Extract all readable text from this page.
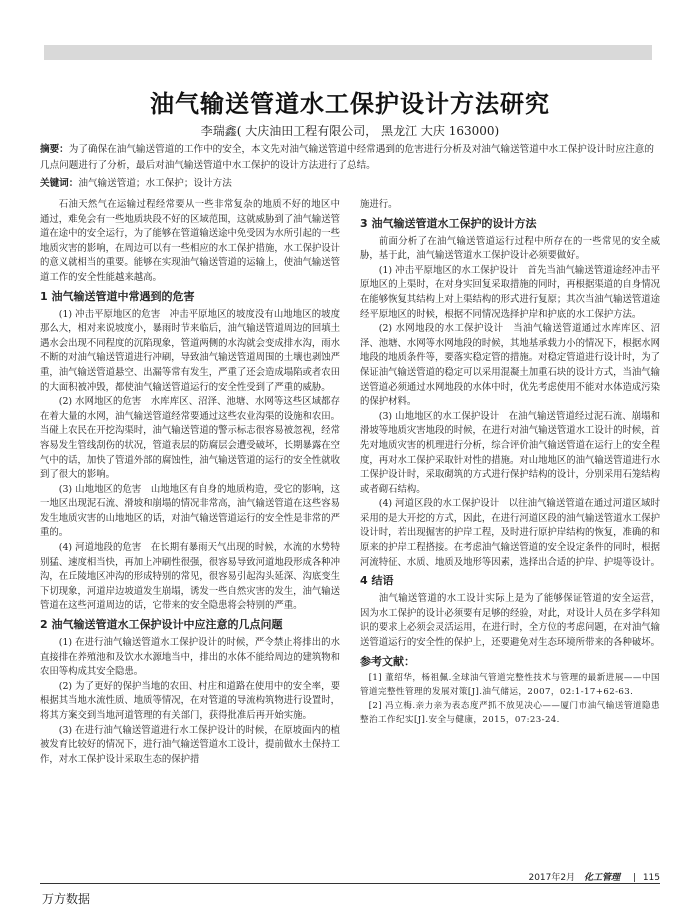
油气输送管道水工保护设计方法研究
李瑞鑫( 大庆油田工程有限公司， 黑龙江 大庆 163000)
摘要：为了确保在油气输送管道的工作中的安全，本文先对油气输送管道中经常遇到的危害进行分析及对油气输送管道中水工保护设计时应注意的几点问题进行了分析，最后对油气输送管道中水工保护的设计方法进行了总结。
关键词：油气输送管道；水工保护；设计方法

石油天然气在运输过程经常要从一些非常复杂的地质不好的地区中通过，难免会有一些地质块段不好的区域范围，这就威胁到了油气输送管道在途中的安全运行，为了能够在管道输送途中免受因为水所引起的一些地质灾害的影响，在周边可以有一些相应的水工保护措施，水工保护设计的意义就相当的重要。能够在实现油气输送管道的运输上，使油气输送管道工作的安全性能越来越高。

1 油气输送管道中常遇到的危害

(1) 冲击平原地区的危害　冲击平原地区的坡度没有山地地区的坡度那么大，相对来说坡度小，暴雨时节来临后，油气输送管道周边的回填土遇水会出现不同程度的沉陷现象，管道两侧的水沟就会变成排水沟，雨水不断的对油气输送管道进行冲刷，导致油气输送管道周围的土壤也剥蚀严重，油气输送管道悬空、出漏等常有发生，严重了还会造成塌陷或者农田的大面积被冲毁，都使油气输送管道运行的安全性受到了严重的威胁。

(2) 水网地区的危害　水库库区、沼泽、池塘、水网等这些区域都存在着大量的水网，油气输送管道经常要通过这些农业沟渠的设施和农田。当碰上农民在开挖沟渠时，油气输送管道的警示标志很容易被忽视，经常容易发生管线刮伤的状况，管道表层的防腐层会遭受破坏，长期暴露在空气中的话，加快了管道外部的腐蚀性，油气输送管道的运行的安全性就收到了很大的影响。

(3) 山地地区的危害　山地地区有自身的地质构造，受它的影响，这一地区出现泥石流、滑坡和崩塌的情况非常高，油气输送管道在这些容易发生地质灾害的山地地区的话，对油气输送管道运行的安全性是非常的严重的。

(4) 河道地段的危害　在长期有暴雨天气出现的时候，水流的水势特别猛、速度相当快，再加上冲刷性很强，很容易导致河道地段形成各种冲沟，在丘陵地区冲沟的形成特别的常见，很容易引起沟头延深、沟底变生下切现象，河道岸边坡道发生崩塌，诱发一些自然灾害的发生，油气输送管道在这些河道周边的话，它带来的安全隐患将会特别的严重。

2 油气输送管道水工保护设计中应注意的几点问题

(1) 在进行油气输送管道水工保护设计的时候，严令禁止将排出的水直接排在养殖池和及饮水水源地当中，排出的水体不能给周边的建筑物和农田等构成其安全隐患。

(2) 为了更好的保护当地的农田、村庄和道路在使用中的安全率，要根据其当地水流性质、地质等情况，在对管道的导流构筑物进行设置时，将其方案交到当地河道管理的有关部门，获得批准后再开始实施。

(3) 在进行油气输送管道进行水工保护设计的时候，在原坡面内的植被发育比较好的情况下，进行油气输送管道水工设计，提前做水土保持工作，对水工保护设计采取生态的保护措

施进行。

3 油气输送管道水工保护的设计方法

前面分析了在油气输送管道运行过程中所存在的一些常见的安全威胁，基于此，油气输送管道水工保护设计必须要做好。

(1) 冲击平原地区的水工保护设计　首先当油气输送管道途经冲击平原地区的上渠时，在对身实回复采取措施的同时，再根据渠道的自身情况在能够恢复其结构上对上渠结构的形式进行复原；其次当油气输送管道途经平原地区的时候，根据不同情况选择护岸和护底的水工保护方法。

(2) 水网地段的水工保护设计　当油气输送管道通过水库库区、沼泽、池塘、水网等水网地段的时候，其地基承载力小的情况下，根据水网地段的地质条件等，要落实稳定管的措施。对稳定管道进行设计时，为了保证油气输送管道的稳定可以采用混凝土加重石块的设计方式，当油气输送管道必须通过水网地段的水体中时，优先考虑使用不能对水体造成污染的保护材料。

(3) 山地地区的水工保护设计　在油气输送管道经过泥石流、崩塌和滑坡等地质灾害地段的时候，在进行对油气输送管道水工设计的时候，首先对地质灾害的机理进行分析，综合评价油气输送管道在运行上的安全程度，再对水工保护采取针对性的措施。对山地地区的油气输送管道进行水工保护设计时，采取砌筑的方式进行保护结构的设计，分别采用石笼结构或者砌石结构。

(4) 河道区段的水工保护设计　以往油气输送管道在通过河道区域时采用的是大开挖的方式，因此，在进行河道区段的油气输送管道水工保护设计时，若出现掘害的护岸工程，及时进行原护岸结构的恢复，准确的和原来的护岸工程搭接。在考虑油气输送管道的安全设定条件的同时，根据河流特征、水质、地质及地形等因素，选择出合适的护岸、护堤等设计。

4 结语

油气输送管道的水工设计实际上是为了能够保证管道的安全运营，因为水工保护的设计必须要有足够的经验，对此，对设计人员在多学科知识的要求上必须会灵活运用，在进行时，全方位的考虑问题，在对油气输送管道运行的安全性的保护上，还要避免对生态环境所带来的各种破坏。

参考文献：

[1] 董绍华，杨祖佩.全球油气管道完整性技术与管理的最新进展——中国管道完整性管理的发展对策[J].油气储运，2007，02:1-17+62-63.

[2] 冯立梅.亲力亲为表态度严抓不放见决心——厦门市油气输送管道隐患整治工作纪实[J].安全与健康，2015，07:23-24.

2017年2月 化工管理 | 115
万方数据
